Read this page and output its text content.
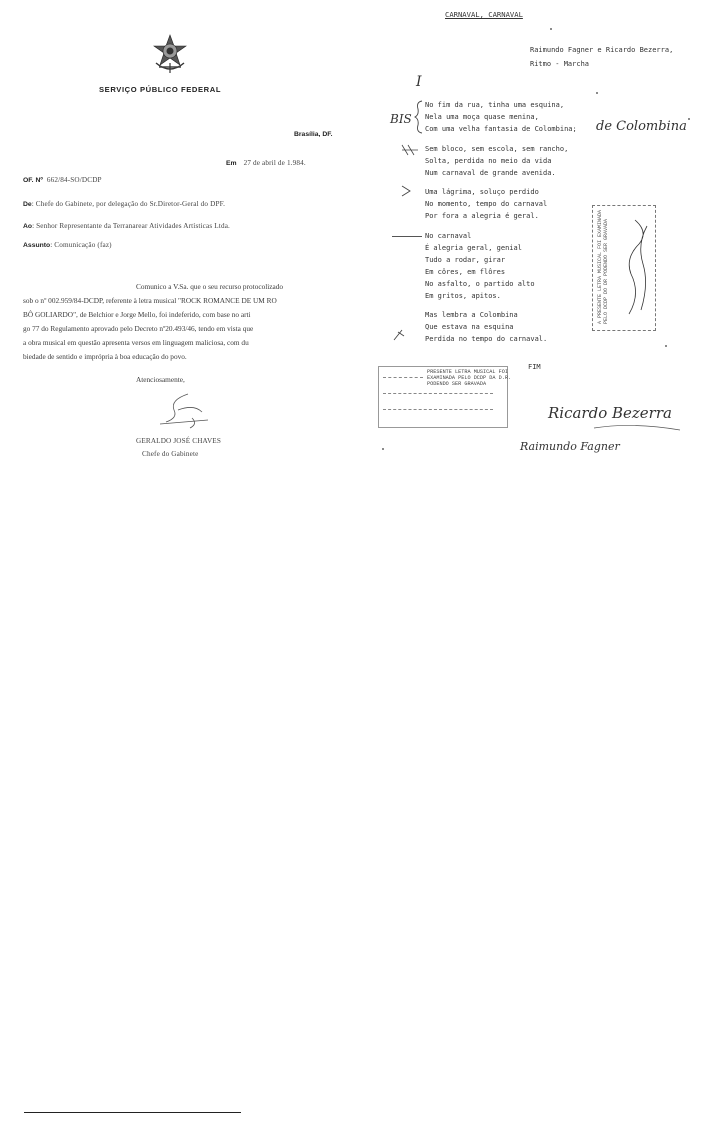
SERVIÇO PÚBLICO FEDERAL
Brasília, DF.
Em 27 de abril de 1.984.
OF. Nº 662/84-SO/DCDP
De: Chefe do Gabinete, por delegação do Sr.Diretor-Geral do DPF.
Ao: Senhor Representante da Terranarear Atividades Artísticas Ltda.
Assunto: Comunicação (faz)
Comunico a V.Sa. que o seu recurso protocolizado
sob o nº 002.959/84-DCDP, referente à letra musical "ROCK ROMANCE DE UM RO
BÔ GOLIARDO", de Belchior e Jorge Mello, foi indeferido, com base no arti
go 77 do Regulamento aprovado pelo Decreto nº20.493/46, tendo em vista que
a obra musical em questão apresenta versos em linguagem maliciosa, com du
biedade de sentido e imprópria à boa educação do povo.
Atenciosamente,
GERALDO JOSÉ CHAVES
Chefe do Gabinete
CARNAVAL, CARNAVAL
Raimundo Fagner e Ricardo Bezerra,
Ritmo - Marcha
I
BIS
No fim da rua, tinha uma esquina,
Nela uma moça quase menina,
Com uma velha fantasia de Colombina; de Colombina
Sem bloco, sem escola, sem rancho,
Solta, perdida no meio da vida
Num carnaval de grande avenida.
Uma lágrima, soluço perdido
No momento, tempo do carnaval
Por fora a alegria é geral.
No carnaval
É alegria geral, genial
Tudo a rodar, girar
Em côres, em flôres
No asfalto, o partido alto
Em gritos, apitos.
Mas lembra a Colombina
Que estava na esquina
Perdida no tempo do carnaval.
FIM
A PRESENTE LETRA MUSICAL FOI EXAMINADA PELO DCDP DO DR PODENDO SER GRAVADA
PRESENTE LETRA MUSICAL FOI
EXAMINADA PELO DCDP DA D.R.
PODENDO SER GRAVADA
Ricardo Bezerra
Raimundo Fagner
